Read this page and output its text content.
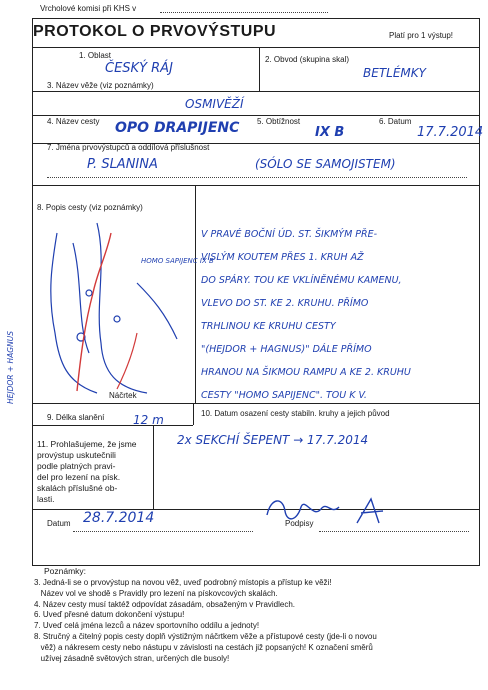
Vrcholové komisi při KHS v
PROTOKOL O PRVOVÝSTUPU	Platí pro 1 výstup!
1. Oblast
ČESKÝ RÁJ
2. Obvod (skupina skal)
BETLÉMKY
3. Název věže (viz poznámky)
OSMIVĚŽÍ
4. Název cesty OPO DRAPIJENC 5. Obtížnost
IX B
6. Datum
17.7.2014
7. Jména prvovýstupců a oddílová příslušnost
P. SLANINA	(SÓLO SE SAMOJISTEM)
8. Popis cesty (viz poznámky)
HOMO SAPIJENC IX B
Náčrtek
V PRAVÉ BOČNÍ ÚD. ST. ŠIKMÝM PŘE-
VISLÝM KOUTEM PŘES 1. KRUH AŽ
DO SPÁRY. TOU KE VKLÍNĚNÉMU KAMENU,
VLEVO DO ST. KE 2. KRUHU. PŘÍMO
TRHLINOU KE KRUHU CESTY
"(HEJDOR + HAGNUS)" DÁLE PŘÍMO
HRANOU NA ŠIKMOU RAMPU A KE 2. KRUHU
CESTY "HOMO SAPIJENC". TOU K V.
9. Délka slanění 12 m	10. Datum osazení cesty stabiln. kruhy a jejich původ
11. Prohlašujeme, že jsme
provýstup uskutečnili
podle platných pravi-
del pro lezení na písk.
skalách příslušné ob-
lasti.
2x SEKCHÍ ŠEPENT → 17.7.2014
Datum 28.7.2014	Podpisy
HEJDOR + HAGNUS
Poznámky:
3. Jedná-li se o prvovýstup na novou věž, uveď podrobný místopis a přístup ke věži!
Název vol ve shodě s Pravidly pro lezení na pískovcových skalách.
4. Název cesty musí taktéž odpovídat zásadám, obsaženým v Pravidlech.
6. Uveď přesné datum dokončení výstupu!
7. Uveď celá jména lezců a název sportovního oddílu a jednoty!
8. Stručný a čitelný popis cesty doplň výstižným náčrtkem věže a přístupové cesty (jde-li o novou
věž) a nákresem cesty nebo nástupu v závislosti na cestách již popsaných! K označení směrů
užívej zásadně světových stran, určených dle busoly!
